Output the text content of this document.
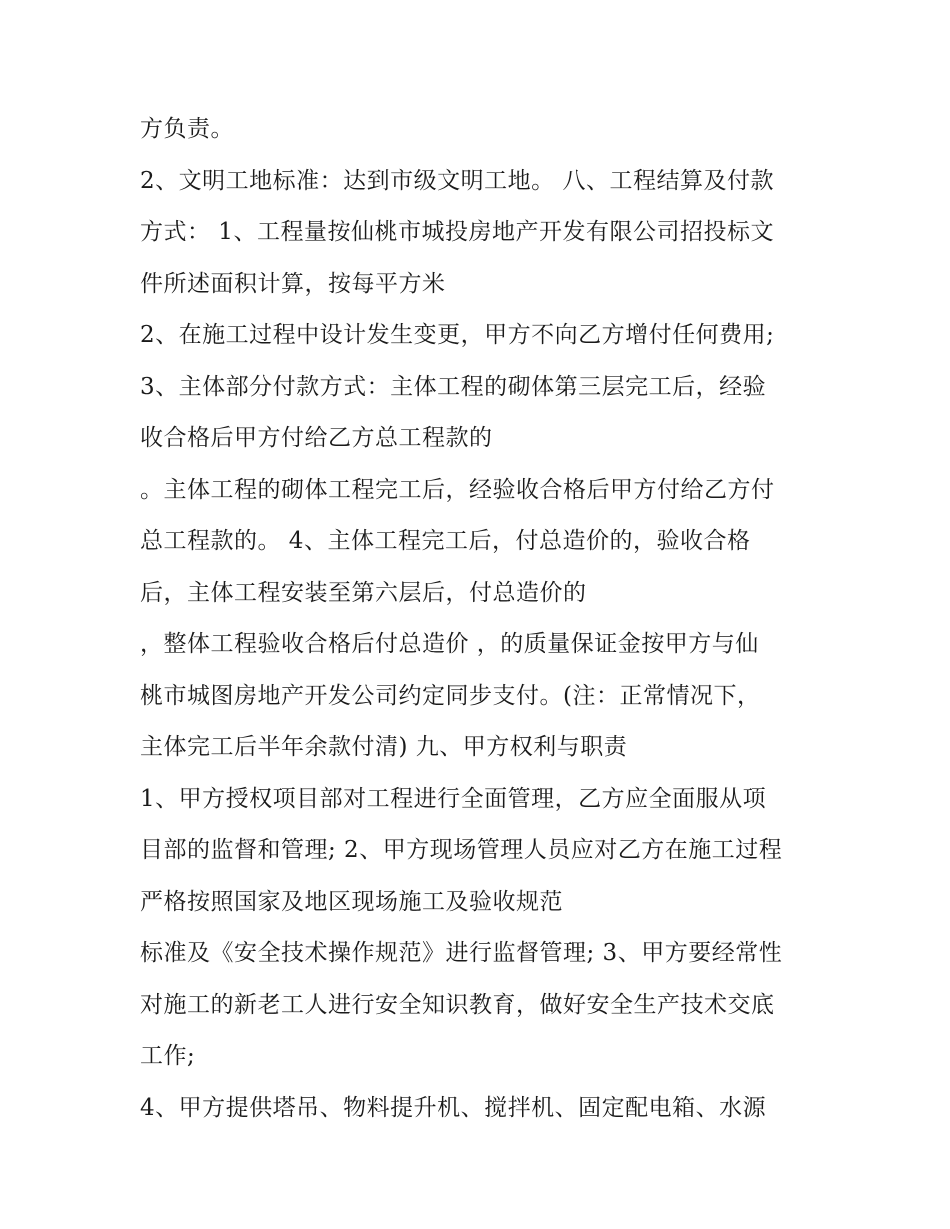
方负责。
2、文明工地标准：达到市级文明工地。 八、工程结算及付款
方式： 1、工程量按仙桃市城投房地产开发有限公司招投标文
件所述面积计算，按每平方米
2、在施工过程中设计发生变更，甲方不向乙方增付任何费用;
3、主体部分付款方式：主体工程的砌体第三层完工后，经验
收合格后甲方付给乙方总工程款的
。主体工程的砌体工程完工后，经验收合格后甲方付给乙方付
总工程款的。 4、主体工程完工后，付总造价的，验收合格
后，主体工程安装至第六层后，付总造价的
，整体工程验收合格后付总造价 ，的质量保证金按甲方与仙
桃市城图房地产开发公司约定同步支付。(注：正常情况下，
主体完工后半年余款付清) 九、甲方权利与职责
1、甲方授权项目部对工程进行全面管理，乙方应全面服从项
目部的监督和管理; 2、甲方现场管理人员应对乙方在施工过程
严格按照国家及地区现场施工及验收规范
标准及《安全技术操作规范》进行监督管理; 3、甲方要经常性
对施工的新老工人进行安全知识教育，做好安全生产技术交底
工作;
4、甲方提供塔吊、物料提升机、搅拌机、固定配电箱、水源
